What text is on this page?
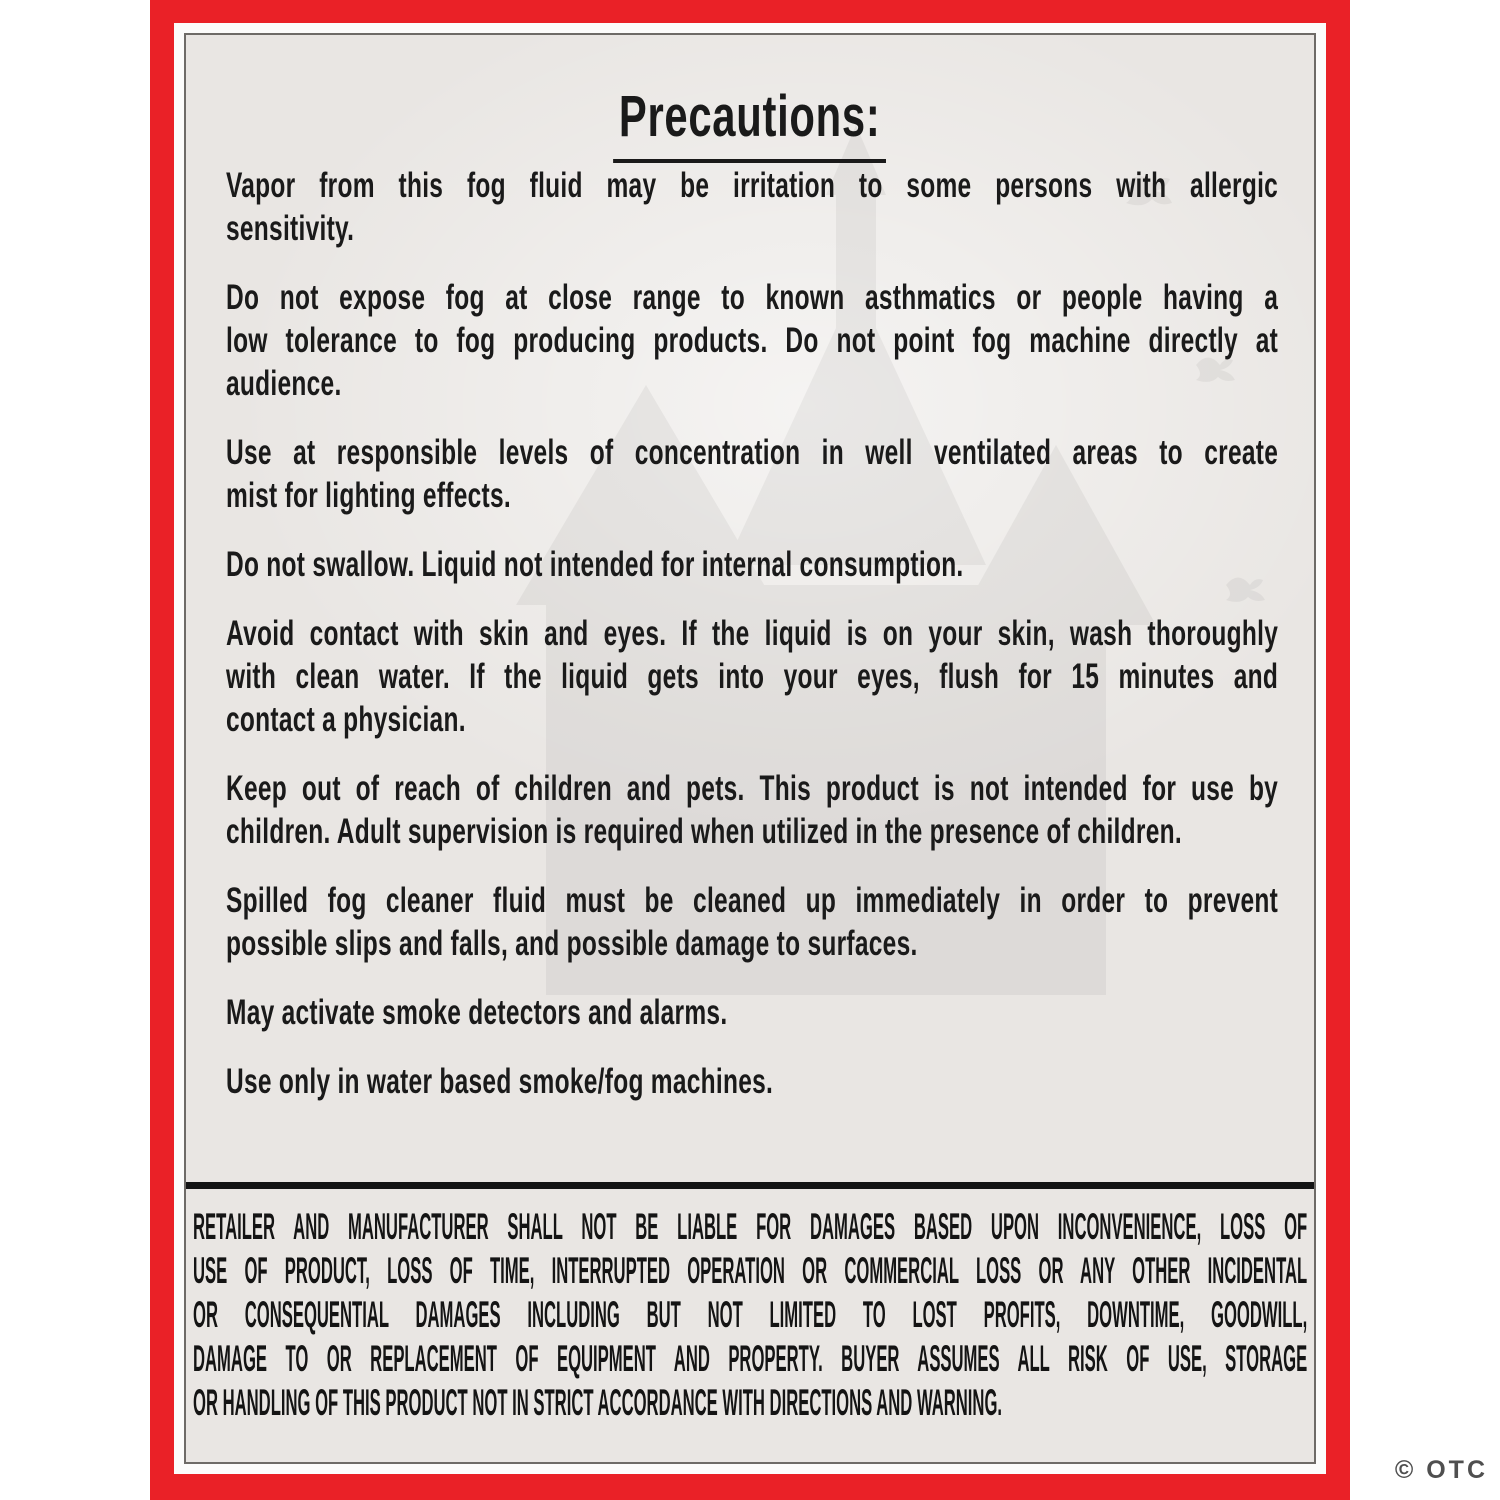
Precautions:
Vapor from this fog fluid may be irritation to some persons with allergic
sensitivity.
Do not expose fog at close range to known asthmatics or people having a
low tolerance to fog producing products. Do not point fog machine directly at
audience.
Use at responsible levels of concentration in well ventilated areas to create
mist for lighting effects.
Do not swallow. Liquid not intended for internal consumption.
Avoid contact with skin and eyes. If the liquid is on your skin, wash thoroughly
with clean water. If the liquid gets into your eyes, flush for 15 minutes and
contact a physician.
Keep out of reach of children and pets. This product is not intended for use by
children. Adult supervision is required when utilized in the presence of children.
Spilled fog cleaner fluid must be cleaned up immediately in order to prevent
possible slips and falls, and possible damage to surfaces.
May activate smoke detectors and alarms.
Use only in water based smoke/fog machines.
RETAILER AND MANUFACTURER SHALL NOT BE LIABLE FOR DAMAGES BASED UPON INCONVENIENCE, LOSS OF
USE OF PRODUCT, LOSS OF TIME, INTERRUPTED OPERATION OR COMMERCIAL LOSS OR ANY OTHER INCIDENTAL
OR CONSEQUENTIAL DAMAGES INCLUDING BUT NOT LIMITED TO LOST PROFITS, DOWNTIME, GOODWILL,
DAMAGE TO OR REPLACEMENT OF EQUIPMENT AND PROPERTY. BUYER ASSUMES ALL RISK OF USE, STORAGE
OR HANDLING OF THIS PRODUCT NOT IN STRICT ACCORDANCE WITH DIRECTIONS AND WARNING.
© OTC
